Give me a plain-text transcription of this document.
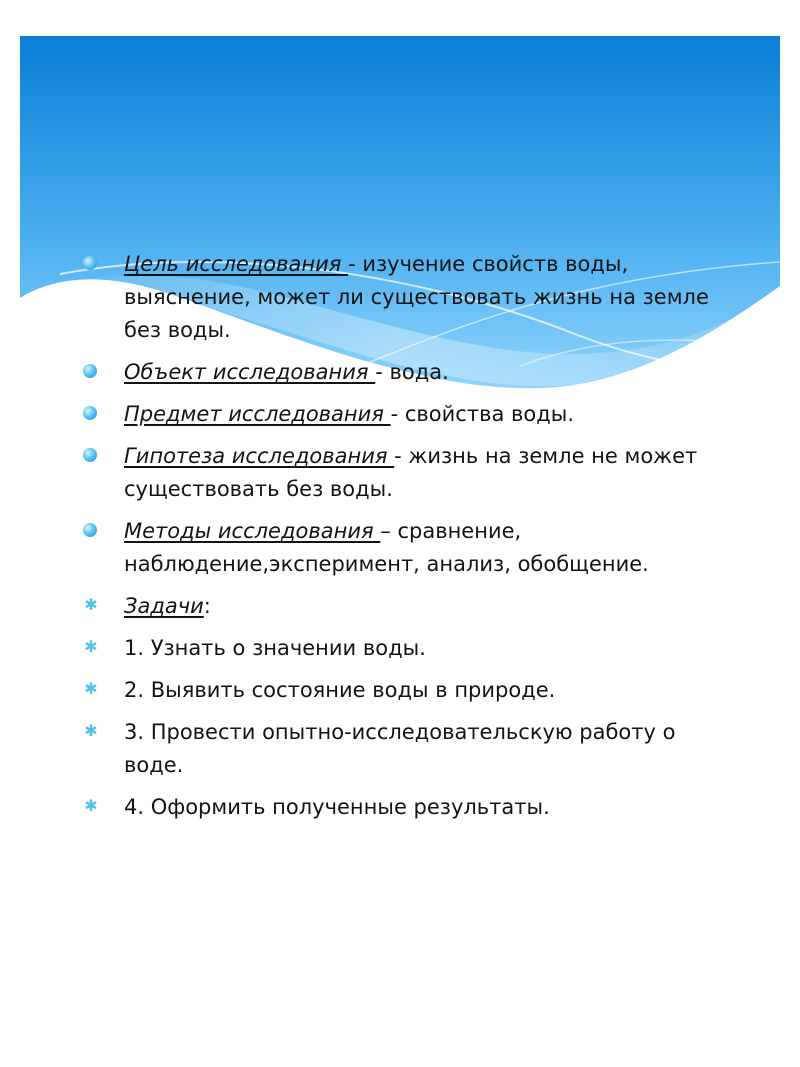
Цель исследования - изучение свойств воды, выяснение, может ли существовать жизнь на земле без воды.
Объект исследования - вода.
Предмет исследования - свойства воды.
Гипотеза исследования - жизнь на земле не может существовать без воды.
Методы исследования – сравнение, наблюдение,эксперимент, анализ, обобщение.
✱ Задачи:
✱ 1. Узнать о значении воды.
✱ 2. Выявить состояние воды в природе.
✱ 3. Провести опытно-исследовательскую работу о воде.
✱ 4. Оформить полученные результаты.
